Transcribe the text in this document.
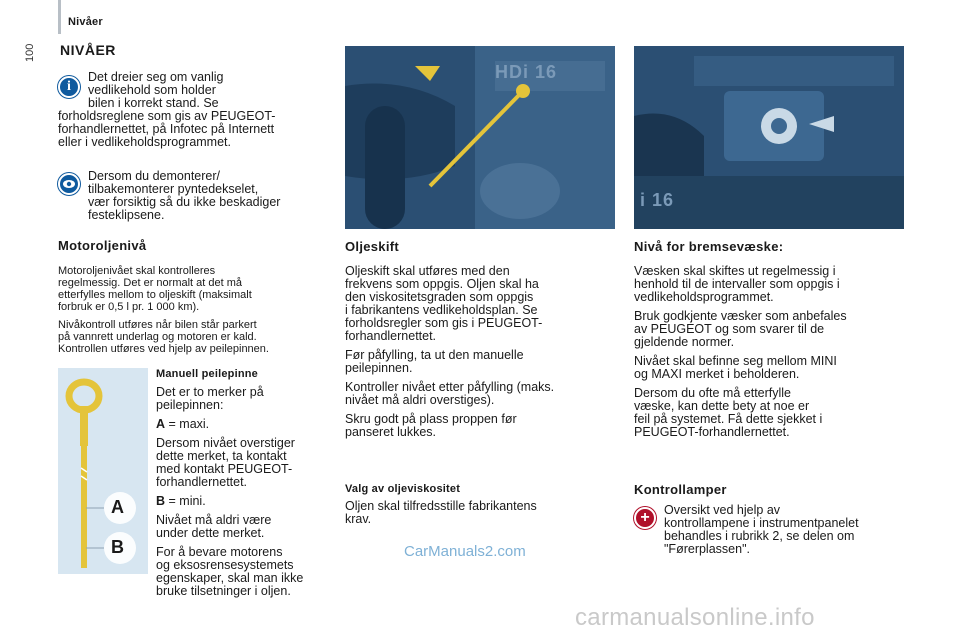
Nivåer
100 NIVÅER
i
Det dreier seg om vanlig
vedlikehold som holder
bilen i korrekt stand. Se
forholdsreglene som gis av PEUGEOT-
forhandlernettet, på Infotec på Internett
eller i vedlikeholdsprogrammet.
Dersom du demonterer/
tilbakemonterer pyntedekselet,
vær forsiktig så du ikke beskadiger
festeklipsene.
Motoroljenivå
Motoroljenivået skal kontrolleres
regelmessig. Det er normalt at det må
etterfylles mellom to oljeskift (maksimalt
forbruk er 0,5 l pr. 1 000 km).
Nivåkontroll utføres når bilen står parkert
på vannrett underlag og motoren er kald.
Kontrollen utføres ved hjelp av peilepinnen.
A
B
Manuell peilepinne
Det er to merker på
peilepinnen:
A = maxi.
Dersom nivået overstiger
dette merket, ta kontakt
med kontakt PEUGEOT-
forhandlernettet.
B = mini.
Nivået må aldri være
under dette merket.
For å bevare motorens
og eksosrensesystemets
egenskaper, skal man ikke
bruke tilsetninger i oljen.
HDi 16
Oljeskift
Oljeskift skal utføres med den
frekvens som oppgis. Oljen skal ha
den viskositetsgraden som oppgis
i fabrikantens vedlikeholdsplan. Se
forholdsregler som gis i PEUGEOT-
forhandlernettet.
Før påfylling, ta ut den manuelle
peilepinnen.
Kontroller nivået etter påfylling (maks.
nivået må aldri overstiges).
Skru godt på plass proppen før
panseret lukkes.
Valg av oljeviskositet
Oljen skal tilfredsstille fabrikantens
krav.
i 16
Nivå for bremsevæske:
Væsken skal skiftes ut regelmessig i
henhold til de intervaller som oppgis i
vedlikeholdsprogrammet.
Bruk godkjente væsker som anbefales
av PEUGEOT og som svarer til de
gjeldende normer.
Nivået skal befinne seg mellom MINI
og MAXI merket i beholderen.
Dersom du ofte må etterfylle
væske, kan dette bety at noe er
feil på systemet. Få dette sjekket i
PEUGEOT-forhandlernettet.
Kontrollamper
+ Oversikt ved hjelp av
kontrollampene i instrumentpanelet
behandles i rubrikk 2, se delen om
"Førerplassen".
CarManuals2.com
carmanualsonline.info
